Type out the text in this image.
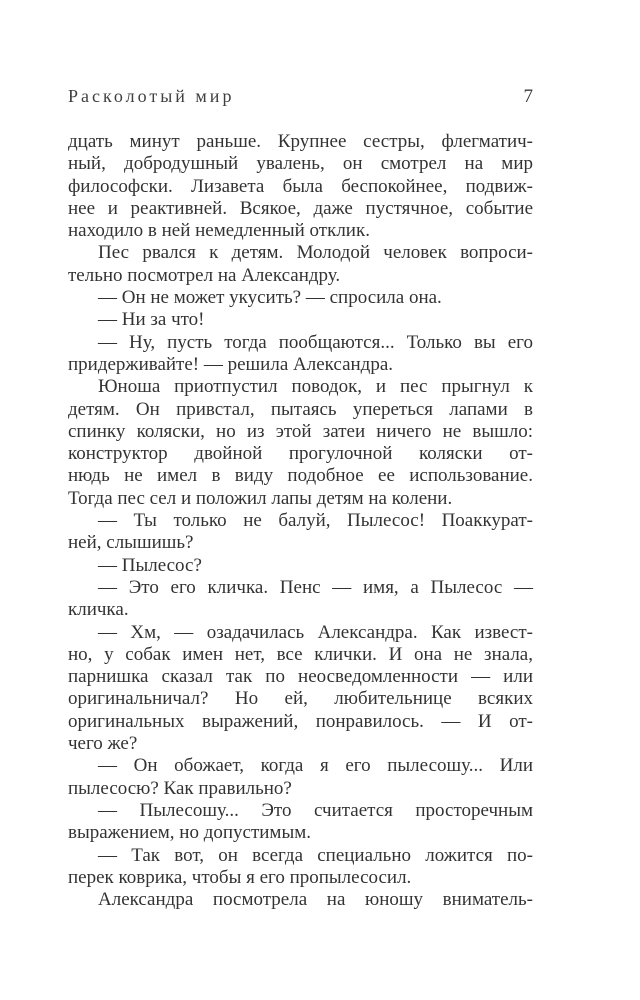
Расколотый мир	7
дцать минут раньше. Крупнее сестры, флегматич-
ный, добродушный увалень, он смотрел на мир
философски. Лизавета была беспокойнее, подвиж-
нее и реактивней. Всякое, даже пустячное, событие
находило в ней немедленный отклик.
Пес рвался к детям. Молодой человек вопроси-
тельно посмотрел на Александру.
— Он не может укусить? — спросила она.
— Ни за что!
— Ну, пусть тогда пообщаются... Только вы его
придерживайте! — решила Александра.
Юноша приотпустил поводок, и пес прыгнул к
детям. Он привстал, пытаясь упереться лапами в
спинку коляски, но из этой затеи ничего не вышло:
конструктор двойной прогулочной коляски от-
нюдь не имел в виду подобное ее использование.
Тогда пес сел и положил лапы детям на колени.
— Ты только не балуй, Пылесос! Поаккурат-
ней, слышишь?
— Пылесос?
— Это его кличка. Пенс — имя, а Пылесос —
кличка.
— Хм, — озадачилась Александра. Как извест-
но, у собак имен нет, все клички. И она не знала,
парнишка сказал так по неосведомленности — или
оригинальничал? Но ей, любительнице всяких
оригинальных выражений, понравилось. — И от-
чего же?
— Он обожает, когда я его пылесошу... Или
пылесосю? Как правильно?
— Пылесошу... Это считается просторечным
выражением, но допустимым.
— Так вот, он всегда специально ложится по-
перек коврика, чтобы я его пропылесосил.
Александра посмотрела на юношу вниматель-
